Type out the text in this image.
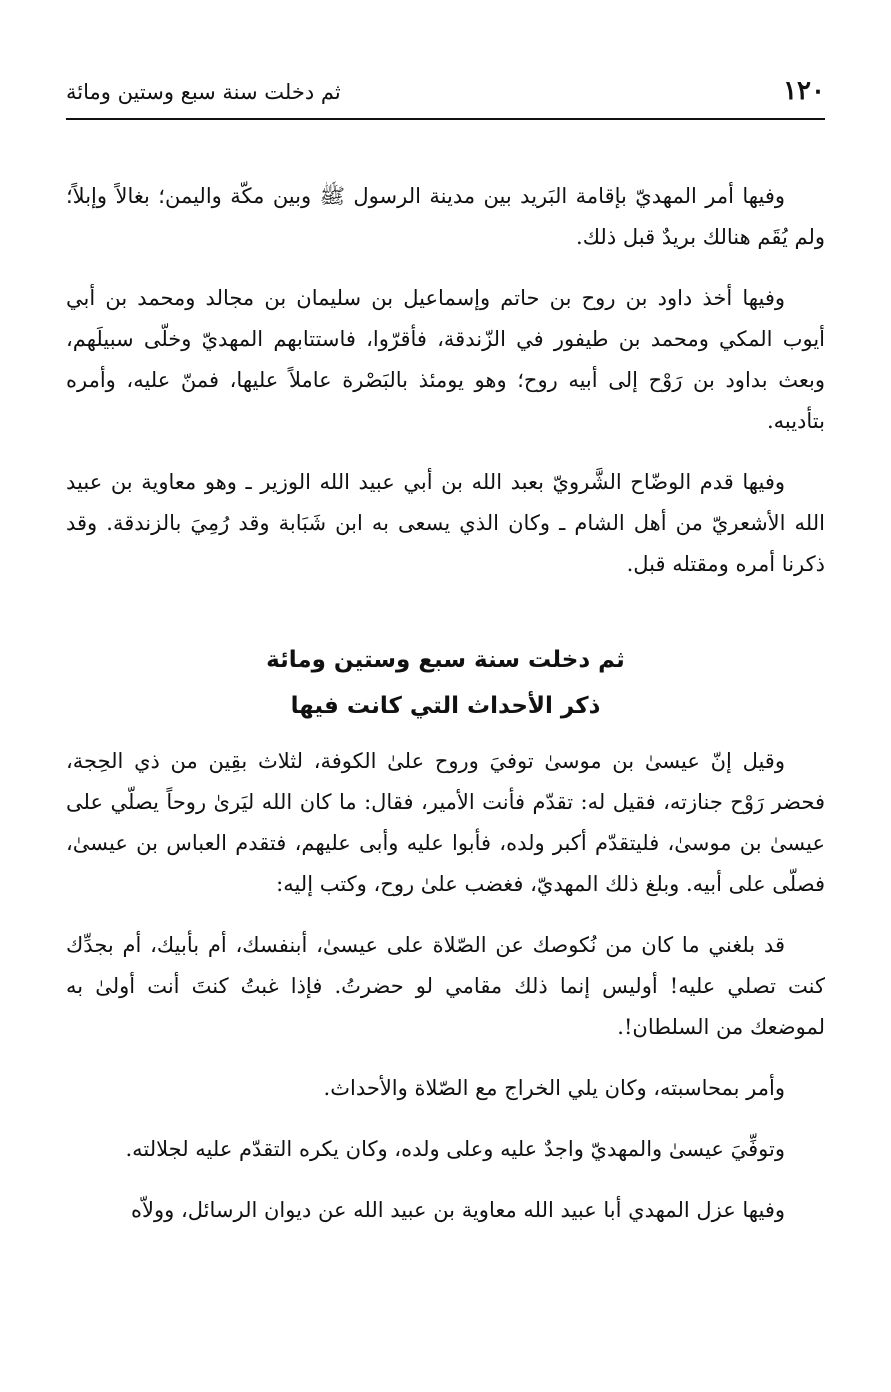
١٢٠
ثم دخلت سنة سبع وستين ومائة

وفيها أمر المهديّ بإقامة البَريد بين مدينة الرسول ﷺ وبين مكّة واليمن؛ بغالاً وإبلاً؛ ولم يُقَم هنالك بريدٌ قبل ذلك.

وفيها أخذ داود بن روح بن حاتم وإسماعيل بن سليمان بن مجالد ومحمد بن أبي أيوب المكي ومحمد بن طيفور في الزّندقة، فأقرّوا، فاستتابهم المهديّ وخلّى سبيلَهم، وبعث بداود بن رَوْح إلى أبيه روح؛ وهو يومئذ بالبَصْرة عاملاً عليها، فمنّ عليه، وأمره بتأديبه.

وفيها قدم الوضّاح الشَّرويّ بعبد الله بن أبي عبيد الله الوزير ـ وهو معاوية بن عبيد الله الأشعريّ من أهل الشام ـ وكان الذي يسعى به ابن شَبَابة وقد رُمِيَ بالزندقة. وقد ذكرنا أمره ومقتله قبل.

ثم دخلت سنة سبع وستين ومائة

ذكر الأحداث التي كانت فيها

وقيل إنّ عيسىٰ بن موسىٰ توفيَ وروح علىٰ الكوفة، لثلاث بقِين من ذي الحِجة، فحضر رَوْح جنازته، فقيل له: تقدّم فأنت الأمير، فقال: ما كان الله ليَرىٰ روحاً يصلّي على عيسىٰ بن موسىٰ، فليتقدّم أكبر ولده، فأبوا عليه وأبى عليهم، فتقدم العباس بن عيسىٰ، فصلّى على أبيه. وبلغ ذلك المهديّ، فغضب علىٰ روح، وكتب إليه:

قد بلغني ما كان من نُكوصك عن الصّلاة على عيسىٰ، أبنفسك، أم بأبيك، أم بجدِّك كنت تصلي عليه! أوليس إنما ذلك مقامي لو حضرتُ. فإذا غبتُ كنتَ أنت أولىٰ به لموضعك من السلطان!.

وأمر بمحاسبته، وكان يلي الخراج مع الصّلاة والأحداث.

وتوفِّيَ عيسىٰ والمهديّ واجدٌ عليه وعلى ولده، وكان يكره التقدّم عليه لجلالته.

وفيها عزل المهدي أبا عبيد الله معاوية بن عبيد الله عن ديوان الرسائل، وولاّه
